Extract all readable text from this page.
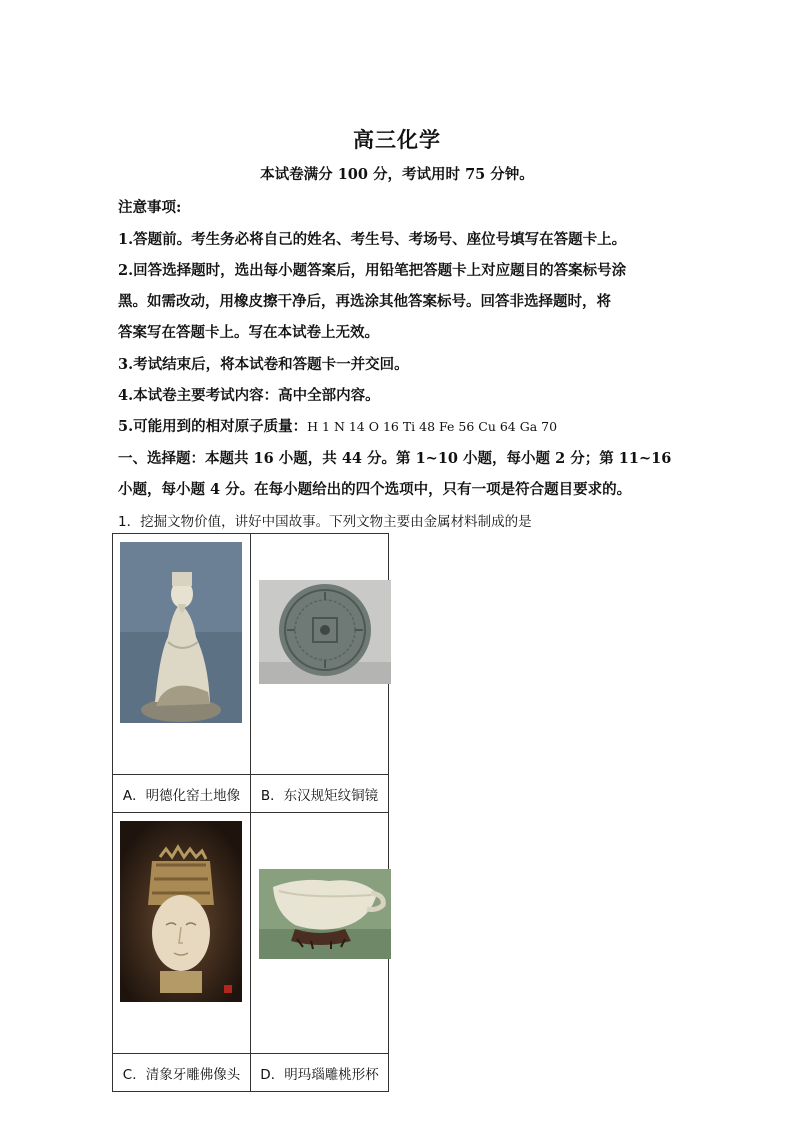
高三化学
本试卷满分 100 分，考试用时 75 分钟。
注意事项:
1.答题前。考生务必将自己的姓名、考生号、考场号、座位号填写在答题卡上。
2.回答选择题时，选出每小题答案后，用铅笔把答题卡上对应题目的答案标号涂
黑。如需改动，用橡皮擦干净后，再选涂其他答案标号。回答非选择题时，将
答案写在答题卡上。写在本试卷上无效。
3.考试结束后，将本试卷和答题卡一并交回。
4.本试卷主要考试内容：高中全部内容。
5.可能用到的相对原子质量：H 1 N 14 O 16 Ti 48 Fe 56 Cu 64 Ga 70
一、选择题：本题共 16 小题，共 44 分。第 1~10 小题，每小题 2 分；第 11~16
小题，每小题 4 分。在每小题给出的四个选项中，只有一项是符合题目要求的。
1．挖掘文物价值，讲好中国故事。下列文物主要由金属材料制成的是

A．明德化窑土地像	B．东汉规矩纹铜镜

C．清象牙雕佛像头	D．明玛瑙雕桃形杯
